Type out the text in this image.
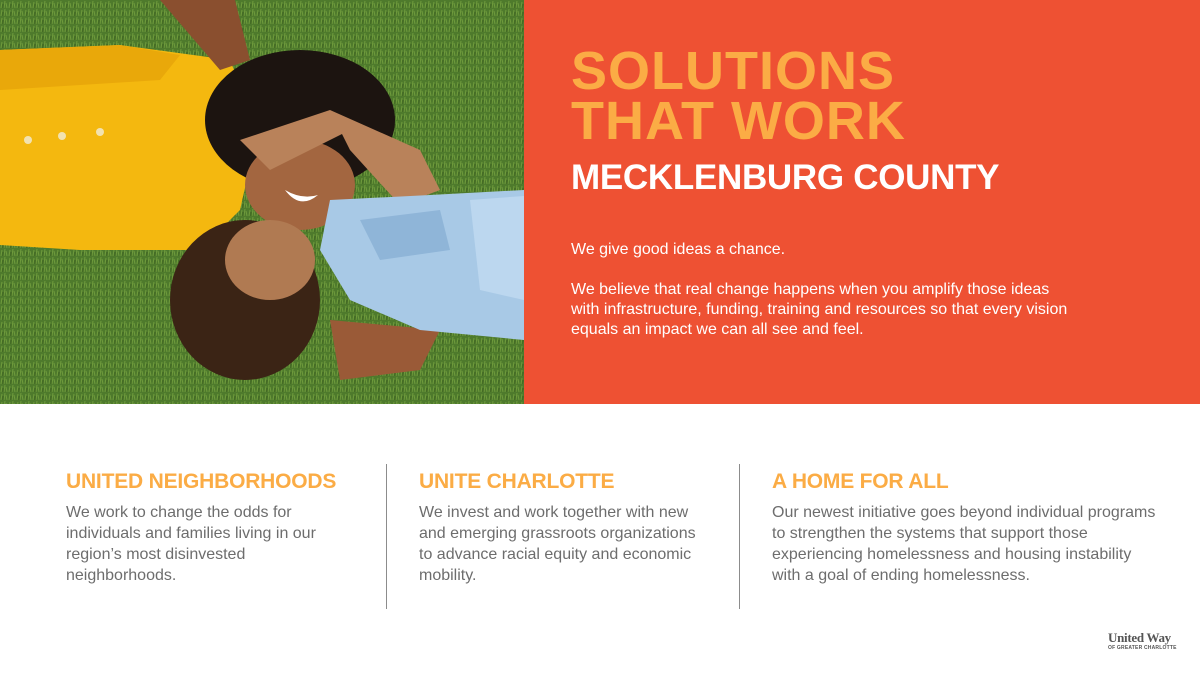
SOLUTIONS
THAT WORK
MECKLENBURG COUNTY

We give good ideas a chance.

We believe that real change happens when you amplify those ideas with infrastructure, funding, training and resources so that every vision equals an impact we can all see and feel.

UNITED NEIGHBORHOODS

We work to change the odds for individuals and families living in our region’s most disinvested neighborhoods.

UNITE CHARLOTTE

We invest and work together with new and emerging grassroots organizations to advance racial equity and economic mobility.

A HOME FOR ALL

Our newest initiative goes beyond individual programs to strengthen the systems that support those experiencing homelessness and housing instability with a goal of ending homelessness.

United Way
OF GREATER CHARLOTTE
